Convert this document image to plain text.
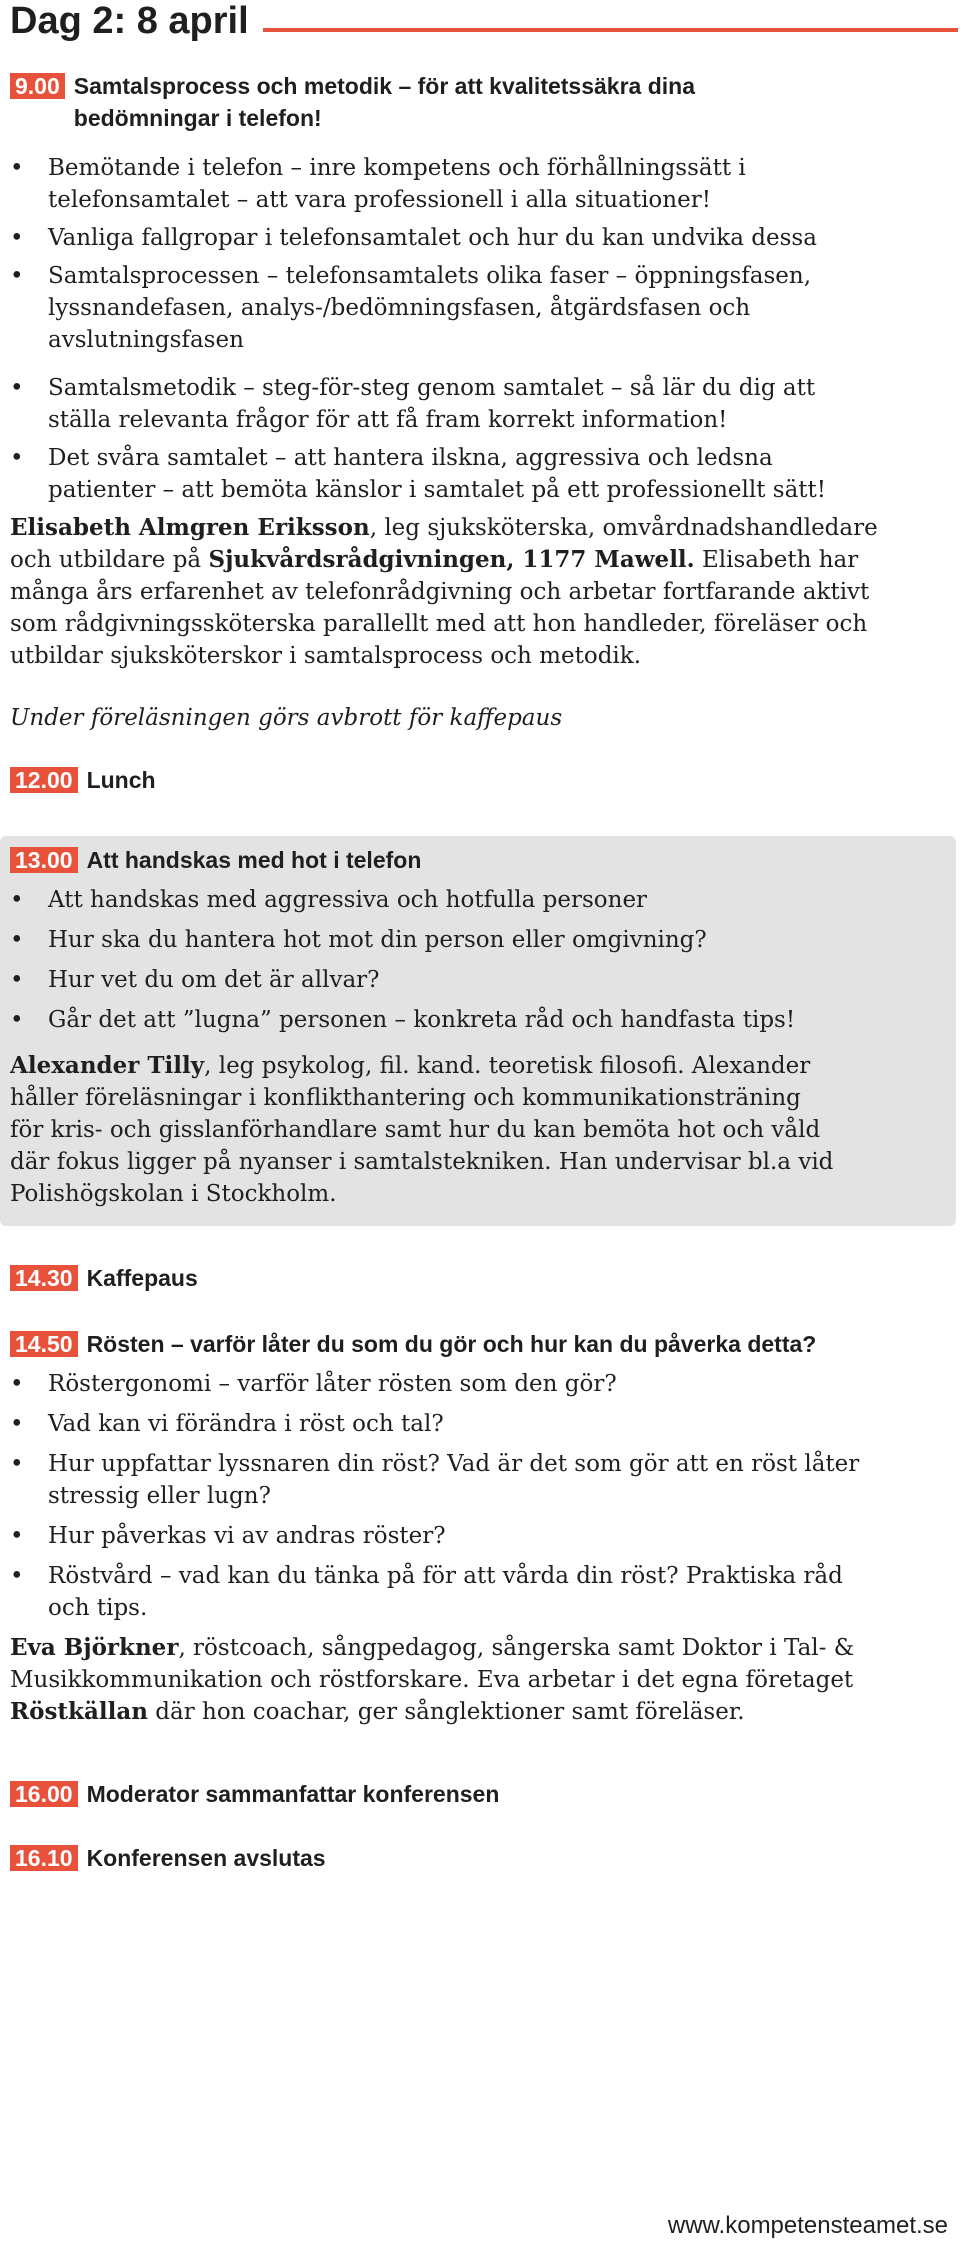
Dag 2: 8 april
9.00 Samtalsprocess och metodik – för att kvalitetssäkra dina
bedömningar i telefon!
• Bemötande i telefon – inre kompetens och förhållningssätt i
telefonsamtalet – att vara professionell i alla situationer!
• Vanliga fallgropar i telefonsamtalet och hur du kan undvika dessa
• Samtalsprocessen – telefonsamtalets olika faser – öppningsfasen,
lyssnandefasen, analys-/bedömningsfasen, åtgärdsfasen och
avslutningsfasen
• Samtalsmetodik – steg-för-steg genom samtalet – så lär du dig att
ställa relevanta frågor för att få fram korrekt information!
• Det svåra samtalet – att hantera ilskna, aggressiva och ledsna
patienter – att bemöta känslor i samtalet på ett professionellt sätt!
Elisabeth Almgren Eriksson, leg sjuksköterska, omvårdnadshandledare
och utbildare på Sjukvårdsrådgivningen, 1177 Mawell. Elisabeth har
många års erfarenhet av telefonrådgivning och arbetar fortfarande aktivt
som rådgivningssköterska parallellt med att hon handleder, föreläser och
utbildar sjuksköterskor i samtalsprocess och metodik.
Under föreläsningen görs avbrott för kaffepaus
12.00 Lunch
13.00 Att handskas med hot i telefon
• Att handskas med aggressiva och hotfulla personer
• Hur ska du hantera hot mot din person eller omgivning?
• Hur vet du om det är allvar?
• Går det att ”lugna” personen – konkreta råd och handfasta tips!
Alexander Tilly, leg psykolog, fil. kand. teoretisk filosofi. Alexander
håller föreläsningar i konflikthantering och kommunikationsträning
för kris- och gisslanförhandlare samt hur du kan bemöta hot och våld
där fokus ligger på nyanser i samtalstekniken. Han undervisar bl.a vid
Polishögskolan i Stockholm.
14.30 Kaffepaus
14.50 Rösten – varför låter du som du gör och hur kan du påverka detta?
• Röstergonomi – varför låter rösten som den gör?
• Vad kan vi förändra i röst och tal?
• Hur uppfattar lyssnaren din röst? Vad är det som gör att en röst låter
stressig eller lugn?
• Hur påverkas vi av andras röster?
• Röstvård – vad kan du tänka på för att vårda din röst? Praktiska råd
och tips.
Eva Björkner, röstcoach, sångpedagog, sångerska samt Doktor i Tal- &
Musikkommunikation och röstforskare. Eva arbetar i det egna företaget
Röstkällan där hon coachar, ger sånglektioner samt föreläser.
16.00 Moderator sammanfattar konferensen
16.10 Konferensen avslutas
www.kompetensteamet.se
